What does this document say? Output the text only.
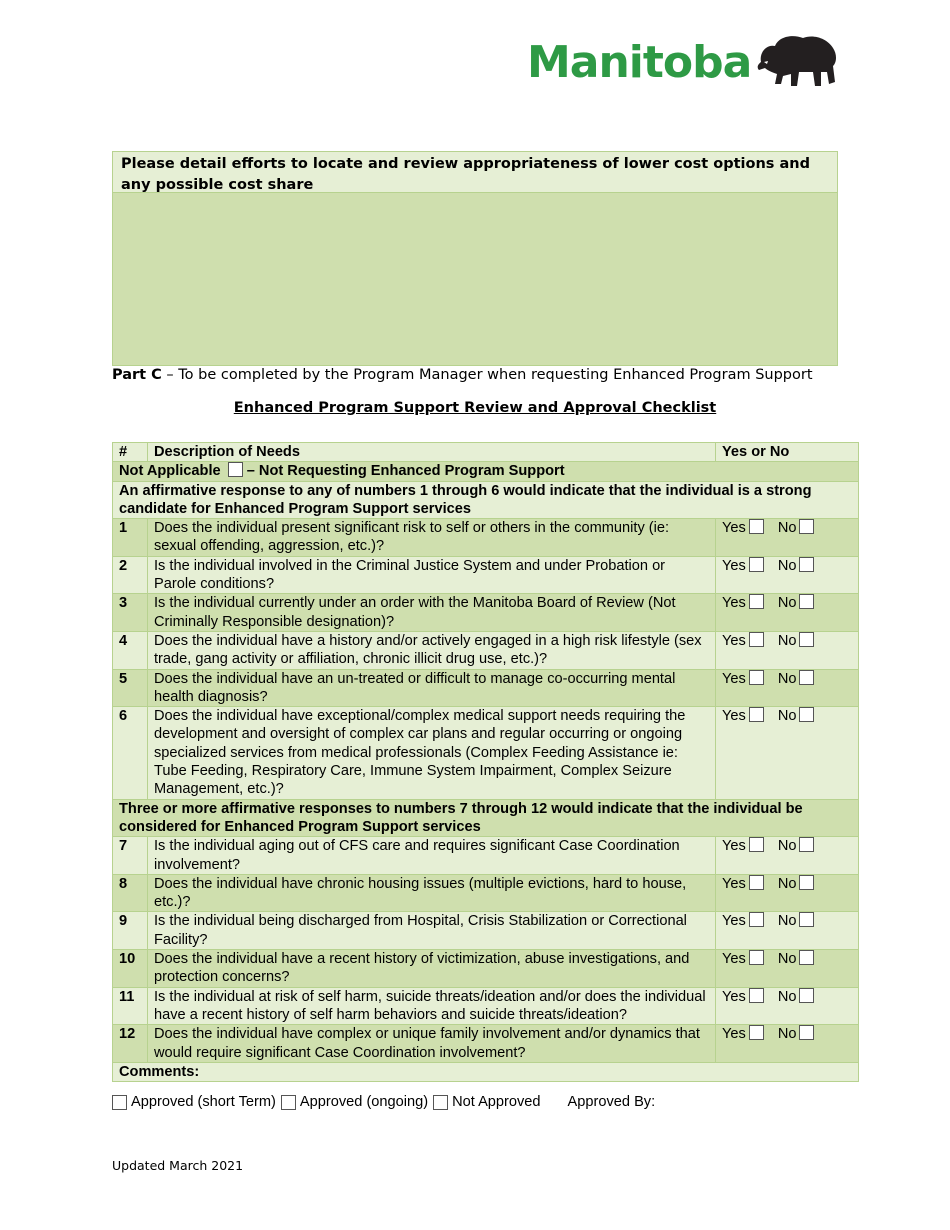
Manitoba
Please detail efforts to locate and review appropriateness of lower cost options and any possible cost share
Part C – To be completed by the Program Manager when requesting Enhanced Program Support
Enhanced Program Support Review and Approval Checklist
#	Description of Needs	Yes or No
Not Applicable  – Not Requesting Enhanced Program Support		
An affirmative response to any of numbers 1 through 6 would indicate that the individual is a strong candidate for Enhanced Program Support services		
1	Does the individual present significant risk to self or others in the community (ie: sexual offending, aggression, etc.)?	Yes No
2	Is the individual involved in the Criminal Justice System and under Probation or Parole conditions?	Yes No
3	Is the individual currently under an order with the Manitoba Board of Review (Not Criminally Responsible designation)?	Yes No
4	Does the individual have a history and/or actively engaged in a high risk lifestyle (sex trade, gang activity or affiliation, chronic illicit drug use, etc.)?	Yes No
5	Does the individual have an un-treated or difficult to manage co-occurring mental health diagnosis?	Yes No
6	Does the individual have exceptional/complex medical support needs requiring the development and oversight of complex car plans and regular occurring or ongoing specialized services from medical professionals (Complex Feeding Assistance ie: Tube Feeding, Respiratory Care, Immune System Impairment, Complex Seizure Management, etc.)?	Yes No
Three or more affirmative responses to numbers 7 through 12 would indicate that the individual be considered for Enhanced Program Support services		
7	Is the individual aging out of CFS care and requires significant Case Coordination involvement?	Yes No
8	Does the individual have chronic housing issues (multiple evictions, hard to house, etc.)?	Yes No
9	Is the individual being discharged from Hospital, Crisis Stabilization or Correctional Facility?	Yes No
10	Does the individual have a recent history of victimization, abuse investigations, and protection concerns?	Yes No
11	Is the individual at risk of self harm, suicide threats/ideation and/or does the individual have a recent history of self harm behaviors and suicide threats/ideation?	Yes No
12	Does the individual have complex or unique family involvement and/or dynamics that would require significant Case Coordination involvement?	Yes No
Comments:		
Approved (short Term) Approved (ongoing) Not Approved Approved By:
Updated March 2021
